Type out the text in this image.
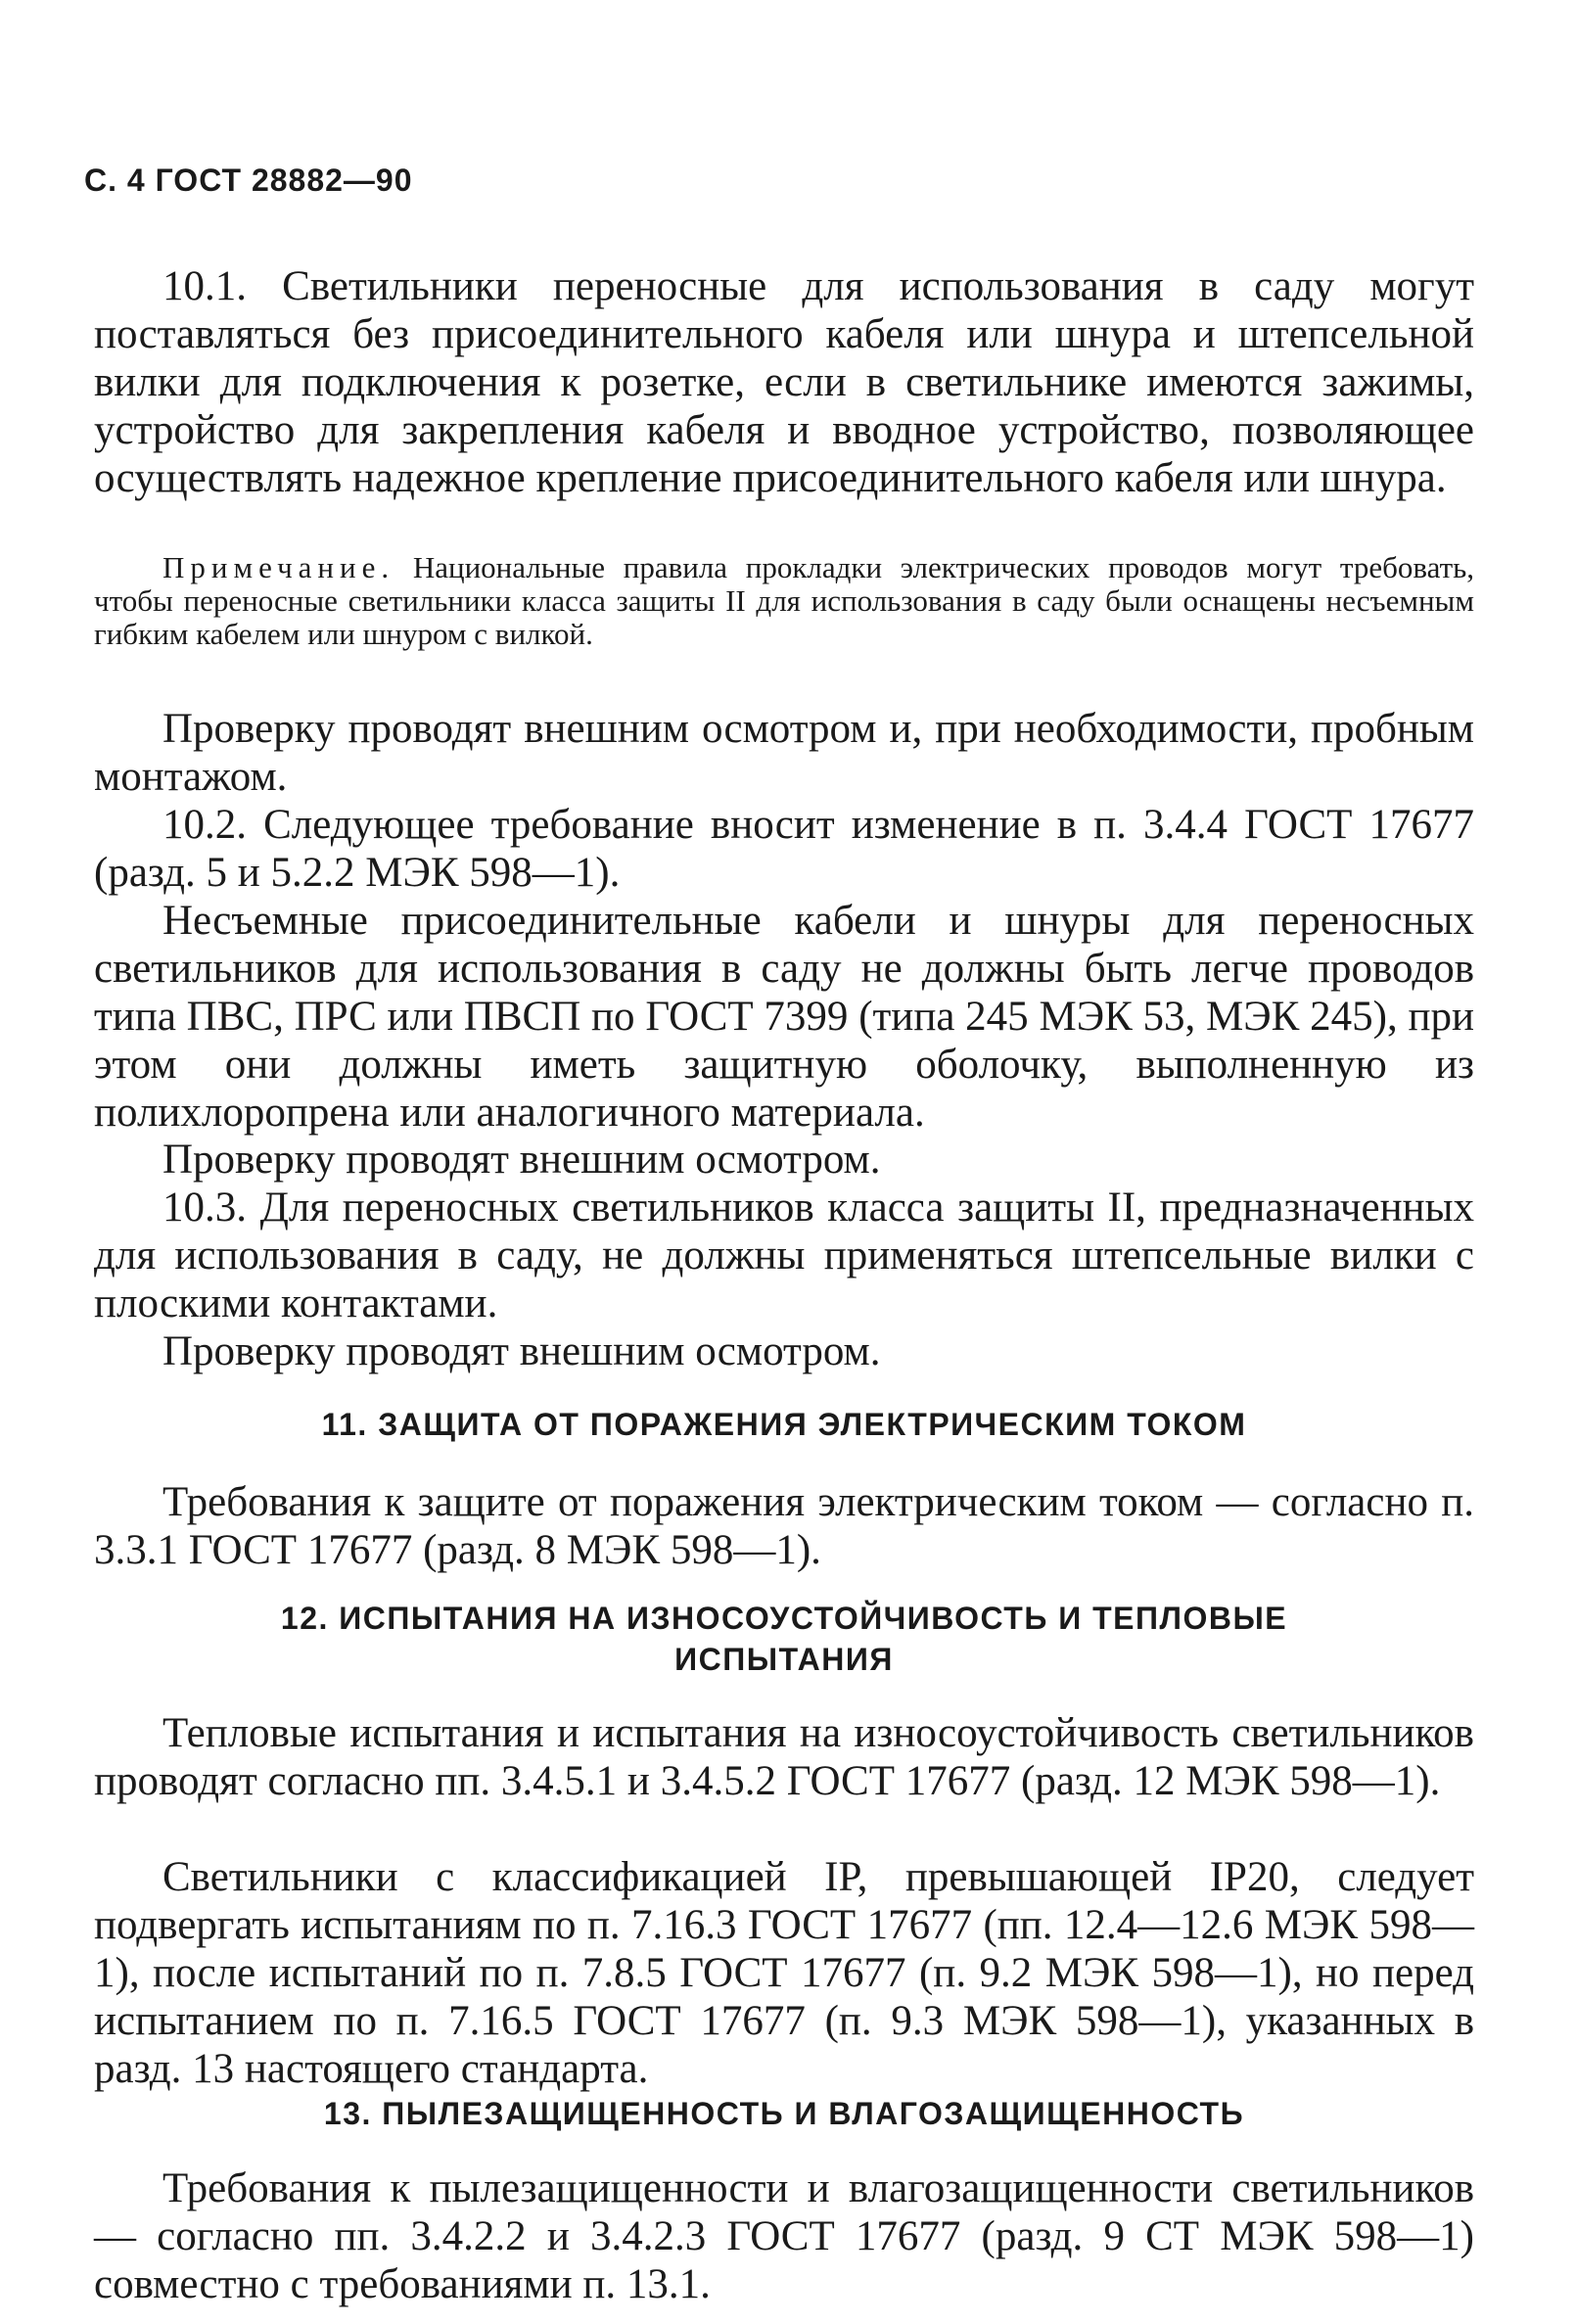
С. 4 ГОСТ 28882—90

10.1. Светильники переносные для использования в саду могут поставляться без присоединительного кабеля или шнура и штепсельной вилки для подключения к розетке, если в светильнике имеются зажимы, устройство для закрепления кабеля и вводное устройство, позволяющее осуществлять надежное крепление присоединительного кабеля или шнура.

Примечание. Национальные правила прокладки электрических проводов могут требовать, чтобы переносные светильники класса защиты II для использования в саду были оснащены несъемным гибким кабелем или шнуром с вилкой.

Проверку проводят внешним осмотром и, при необходимости, пробным монтажом.

10.2. Следующее требование вносит изменение в п. 3.4.4 ГОСТ 17677 (разд. 5 и 5.2.2 МЭК 598—1).

Несъемные присоединительные кабели и шнуры для переносных светильников для использования в саду не должны быть легче проводов типа ПВС, ПРС или ПВСП по ГОСТ 7399 (типа 245 МЭК 53, МЭК 245), при этом они должны иметь защитную оболочку, выполненную из полихлоропрена или аналогичного материала.

Проверку проводят внешним осмотром.

10.3. Для переносных светильников класса защиты II, предназначенных для использования в саду, не должны применяться штепсельные вилки с плоскими контактами.

Проверку проводят внешним осмотром.

11. ЗАЩИТА ОТ ПОРАЖЕНИЯ ЭЛЕКТРИЧЕСКИМ ТОКОМ

Требования к защите от поражения электрическим током — согласно п. 3.3.1 ГОСТ 17677 (разд. 8 МЭК 598—1).

12. ИСПЫТАНИЯ НА ИЗНОСОУСТОЙЧИВОСТЬ И ТЕПЛОВЫЕ
ИСПЫТАНИЯ

Тепловые испытания и испытания на износоустойчивость светильников проводят согласно пп. 3.4.5.1 и 3.4.5.2 ГОСТ 17677 (разд. 12 МЭК 598—1).

Светильники с классификацией IP, превышающей IP20, следует подвергать испытаниям по п. 7.16.3 ГОСТ 17677 (пп. 12.4—12.6 МЭК 598—1), после испытаний по п. 7.8.5 ГОСТ 17677 (п. 9.2 МЭК 598—1), но перед испытанием по п. 7.16.5 ГОСТ 17677 (п. 9.3 МЭК 598—1), указанных в разд. 13 настоящего стандарта.

13. ПЫЛЕЗАЩИЩЕННОСТЬ И ВЛАГОЗАЩИЩЕННОСТЬ

Требования к пылезащищенности и влагозащищенности светильников — согласно пп. 3.4.2.2 и 3.4.2.3 ГОСТ 17677 (разд. 9 СТ МЭК 598—1) совместно с требованиями п. 13.1.
